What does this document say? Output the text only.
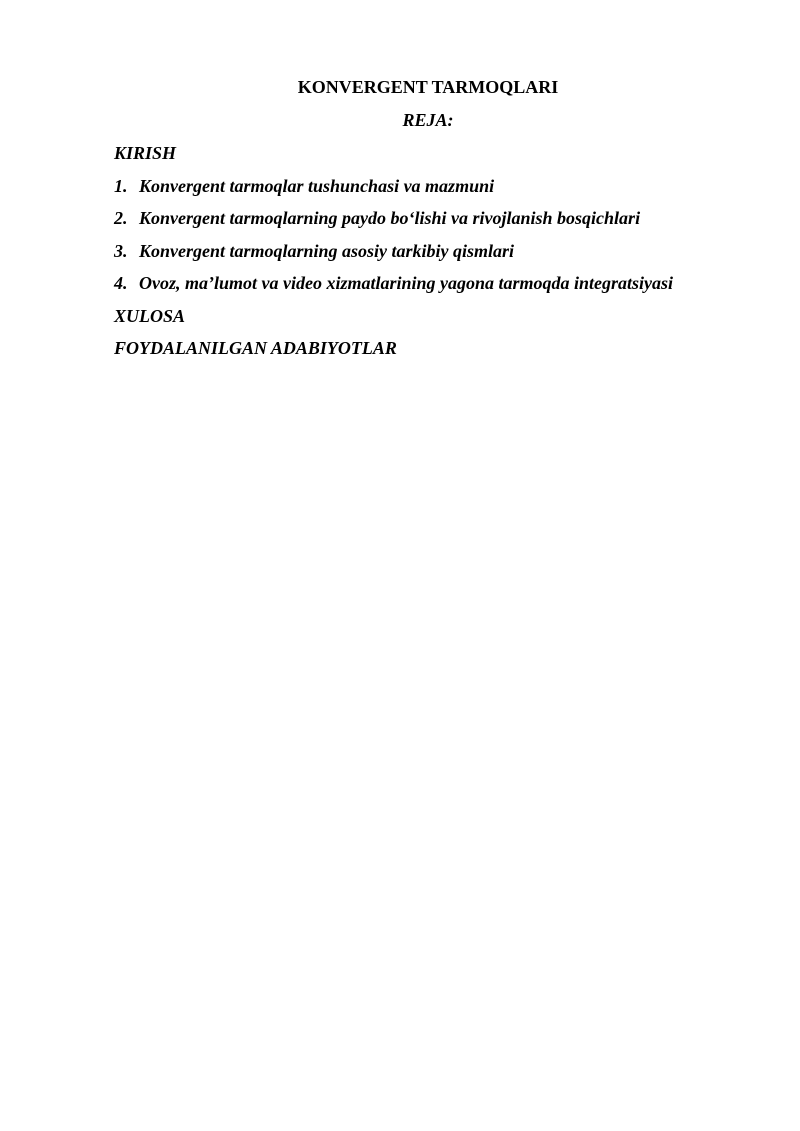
KONVERGENT TARMOQLARI
REJA:
KIRISH
1. Konvergent tarmoqlar tushunchasi va mazmuni
2. Konvergent tarmoqlarning paydo bo‘lishi va rivojlanish bosqichlari
3. Konvergent tarmoqlarning asosiy tarkibiy qismlari
4. Ovoz, ma’lumot va video xizmatlarining yagona tarmoqda integratsiyasi
XULOSA
FOYDALANILGAN ADABIYOTLAR
